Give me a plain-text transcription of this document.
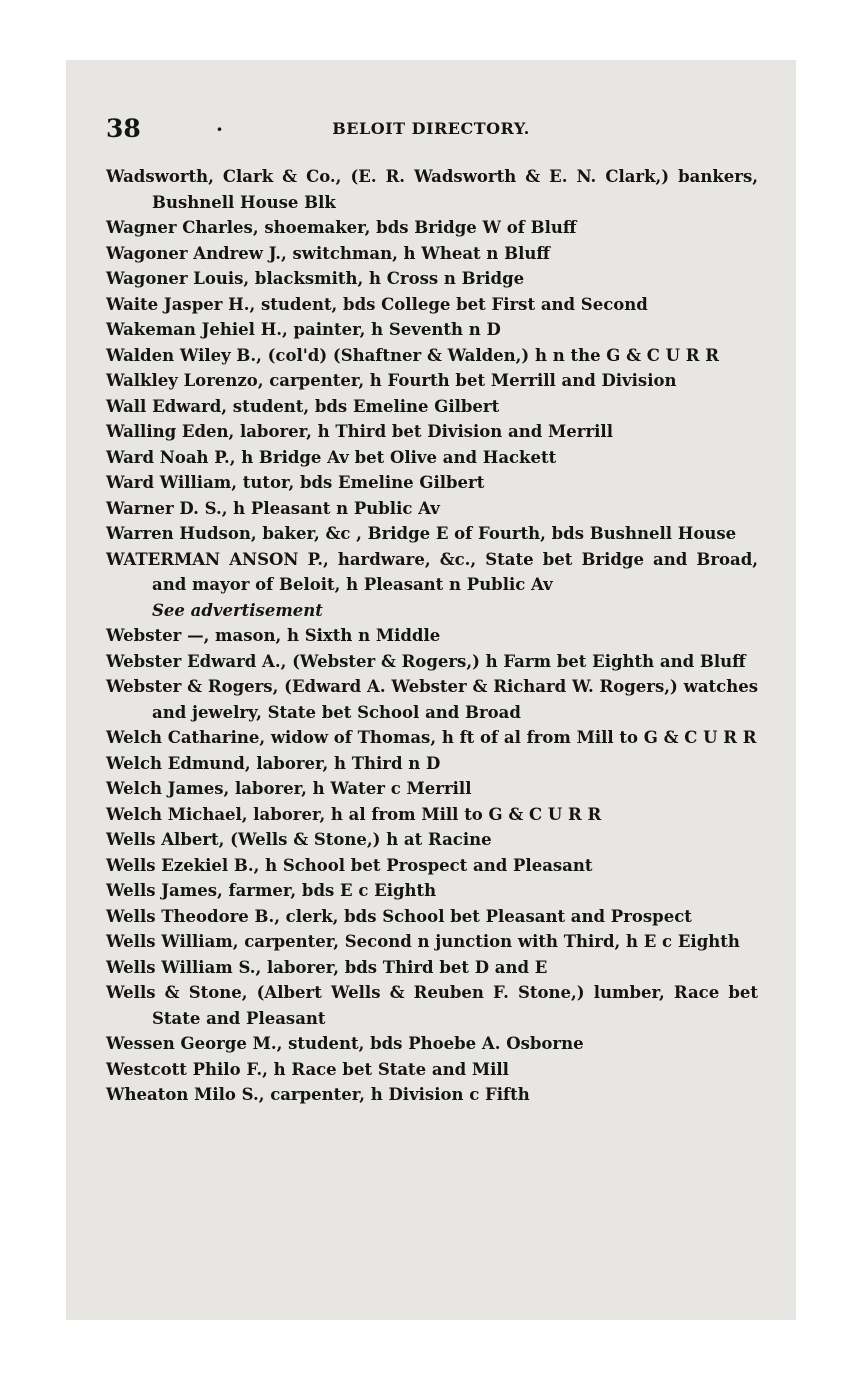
38	·	BELOIT DIRECTORY.

Wadsworth, Clark & Co., (E. R. Wadsworth & E. N. Clark,) bankers, Bushnell House Blk

Wagner Charles, shoemaker, bds Bridge W of Bluff

Wagoner Andrew J., switchman, h Wheat n Bluff

Wagoner Louis, blacksmith, h Cross n Bridge

Waite Jasper H., student, bds College bet First and Second

Wakeman Jehiel H., painter, h Seventh n D

Walden Wiley B., (col'd) (Shaftner & Walden,) h n the G & C U R R

Walkley Lorenzo, carpenter, h Fourth bet Merrill and Division

Wall Edward, student, bds Emeline Gilbert

Walling Eden, laborer, h Third bet Division and Merrill

Ward Noah P., h Bridge Av bet Olive and Hackett

Ward William, tutor, bds Emeline Gilbert

Warner D. S., h Pleasant n Public Av

Warren Hudson, baker, &c , Bridge E of Fourth, bds Bushnell House

WATERMAN ANSON P., hardware, &c., State bet Bridge and Broad, and mayor of Beloit, h Pleasant n Public Av
See advertisement

Webster —, mason, h Sixth n Middle

Webster Edward A., (Webster & Rogers,) h Farm bet Eighth and Bluff

Webster & Rogers, (Edward A. Webster & Richard W. Rogers,) watches and jewelry, State bet School and Broad

Welch Catharine, widow of Thomas, h ft of al from Mill to G & C U R R

Welch Edmund, laborer, h Third n D

Welch James, laborer, h Water c Merrill

Welch Michael, laborer, h al from Mill to G & C U R R

Wells Albert, (Wells & Stone,) h at Racine

Wells Ezekiel B., h School bet Prospect and Pleasant

Wells James, farmer, bds E c Eighth

Wells Theodore B., clerk, bds School bet Pleasant and Prospect

Wells William, carpenter, Second n junction with Third, h E c Eighth

Wells William S., laborer, bds Third bet D and E

Wells & Stone, (Albert Wells & Reuben F. Stone,) lumber, Race bet State and Pleasant

Wessen George M., student, bds Phoebe A. Osborne

Westcott Philo F., h Race bet State and Mill

Wheaton Milo S., carpenter, h Division c Fifth
